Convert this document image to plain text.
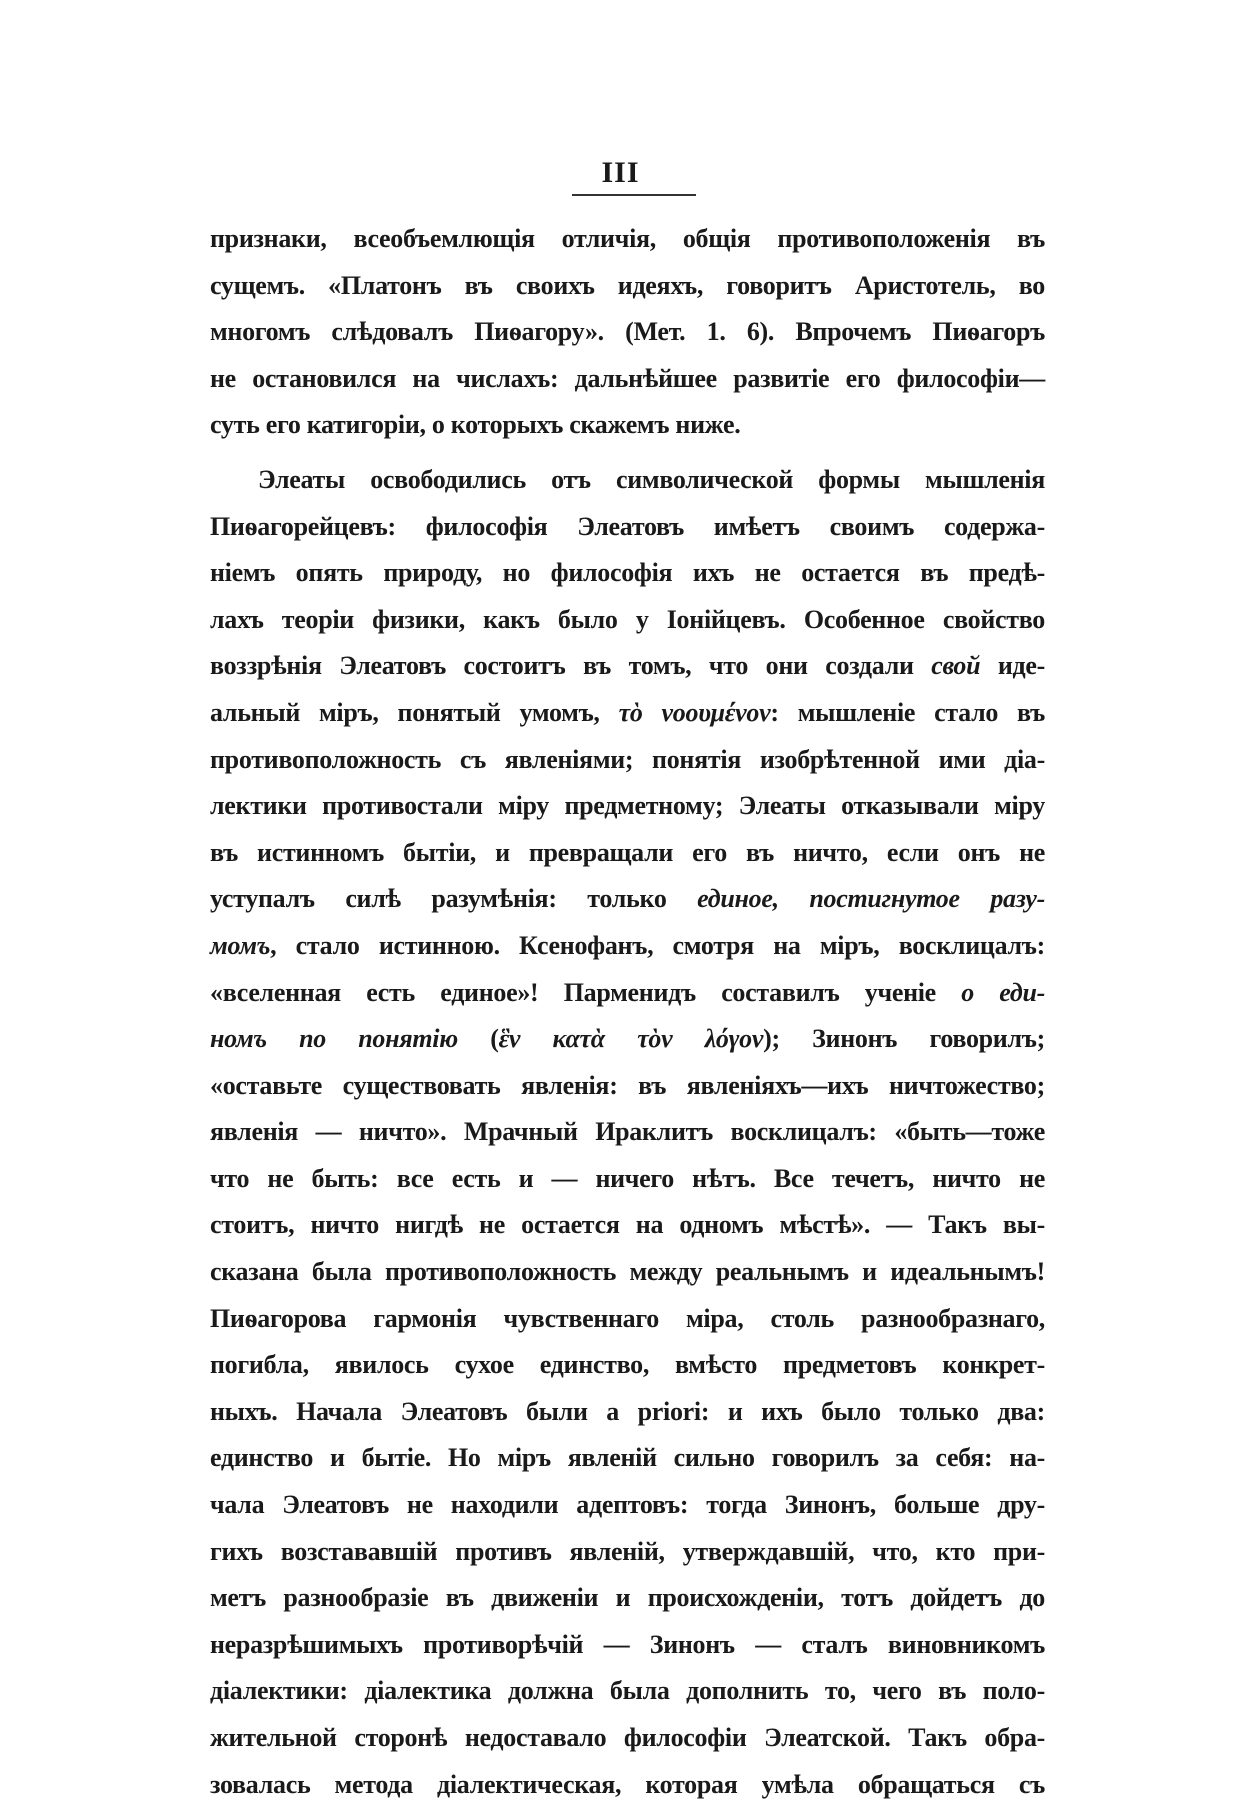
III
признаки, всеобъемлющія отличія, общія противоположенія въ
сущемъ. «Платонъ въ своихъ идеяхъ, говоритъ Аристотель, во
многомъ слѣдовалъ Пиѳагору». (Мет. 1. 6). Впрочемъ Пиѳагоръ
не остановился на числахъ: дальнѣйшее развитіе его философіи—
суть его катигоріи, о которыхъ скажемъ ниже.
Элеаты освободились отъ символической формы мышленія
Пиѳагорейцевъ: философія Элеатовъ имѣетъ своимъ содержа-
ніемъ опять природу, но философія ихъ не остается въ предѣ-
лахъ теоріи физики, какъ было у Іонійцевъ. Особенное свойство
воззрѣнія Элеатовъ состоитъ въ томъ, что они создали свой иде-
альный міръ, понятый умомъ, τὸ νοουμένον: мышленіе стало въ
противоположность съ явленіями; понятія изобрѣтенной ими діа-
лектики противостали міру предметному; Элеаты отказывали міру
въ истинномъ бытіи, и превращали его въ ничто, если онъ не
уступалъ силѣ разумѣнія: только единое, постигнутое разу-
момъ, стало истинною. Ксенофанъ, смотря на міръ, восклицалъ:
«вселенная есть единое»! Парменидъ составилъ ученіе о еди-
номъ по понятію (ἓν κατὰ τὸν λόγον); Зинонъ говорилъ;
«оставьте существовать явленія: въ явленіяхъ—ихъ ничтожество;
явленія — ничто». Мрачный Ираклитъ восклицалъ: «быть—тоже
что не быть: все есть и — ничего нѣтъ. Все течетъ, ничто не
стоитъ, ничто нигдѣ не остается на одномъ мѣстѣ». — Такъ вы-
сказана была противоположность между реальнымъ и идеальнымъ!
Пиѳагорова гармонія чувственнаго міра, столь разнообразнаго,
погибла, явилось сухое единство, вмѣсто предметовъ конкрет-
ныхъ. Начала Элеатовъ были a priori: и ихъ было только два:
единство и бытіе. Но міръ явленій сильно говорилъ за себя: на-
чала Элеатовъ не находили адептовъ: тогда Зинонъ, больше дру-
гихъ возстававшій противъ явленій, утверждавшій, что, кто при-
метъ разнообразіе въ движеніи и происхожденіи, тотъ дойдетъ до
неразрѣшимыхъ противорѣчій — Зинонъ — сталъ виновникомъ
діалектики: діалектика должна была дополнить то, чего въ поло-
жительной сторонѣ недоставало философіи Элеатской. Такъ обра-
зовалась метода діалектическая, которая умѣла обращаться съ
